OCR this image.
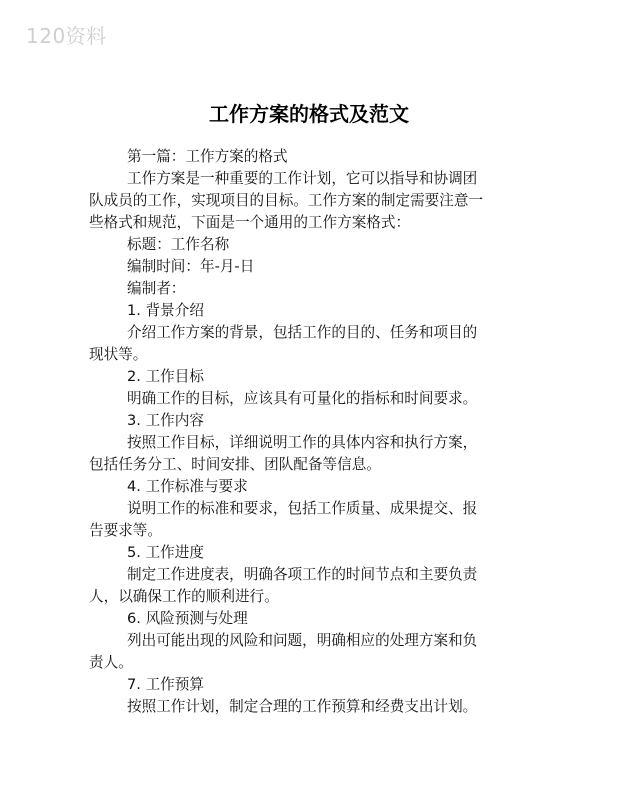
120资料
工作方案的格式及范文

第一篇：工作方案的格式

工作方案是一种重要的工作计划，它可以指导和协调团

队成员的工作，实现项目的目标。工作方案的制定需要注意一

些格式和规范，下面是一个通用的工作方案格式：

标题：工作名称

编制时间：年-月-日

编制者：

1. 背景介绍

介绍工作方案的背景，包括工作的目的、任务和项目的

现状等。

2. 工作目标

明确工作的目标，应该具有可量化的指标和时间要求。

3. 工作内容

按照工作目标，详细说明工作的具体内容和执行方案，

包括任务分工、时间安排、团队配备等信息。

4. 工作标准与要求

说明工作的标准和要求，包括工作质量、成果提交、报

告要求等。

5. 工作进度

制定工作进度表，明确各项工作的时间节点和主要负责

人，以确保工作的顺利进行。

6. 风险预测与处理

列出可能出现的风险和问题，明确相应的处理方案和负

责人。

7. 工作预算

按照工作计划，制定合理的工作预算和经费支出计划。
